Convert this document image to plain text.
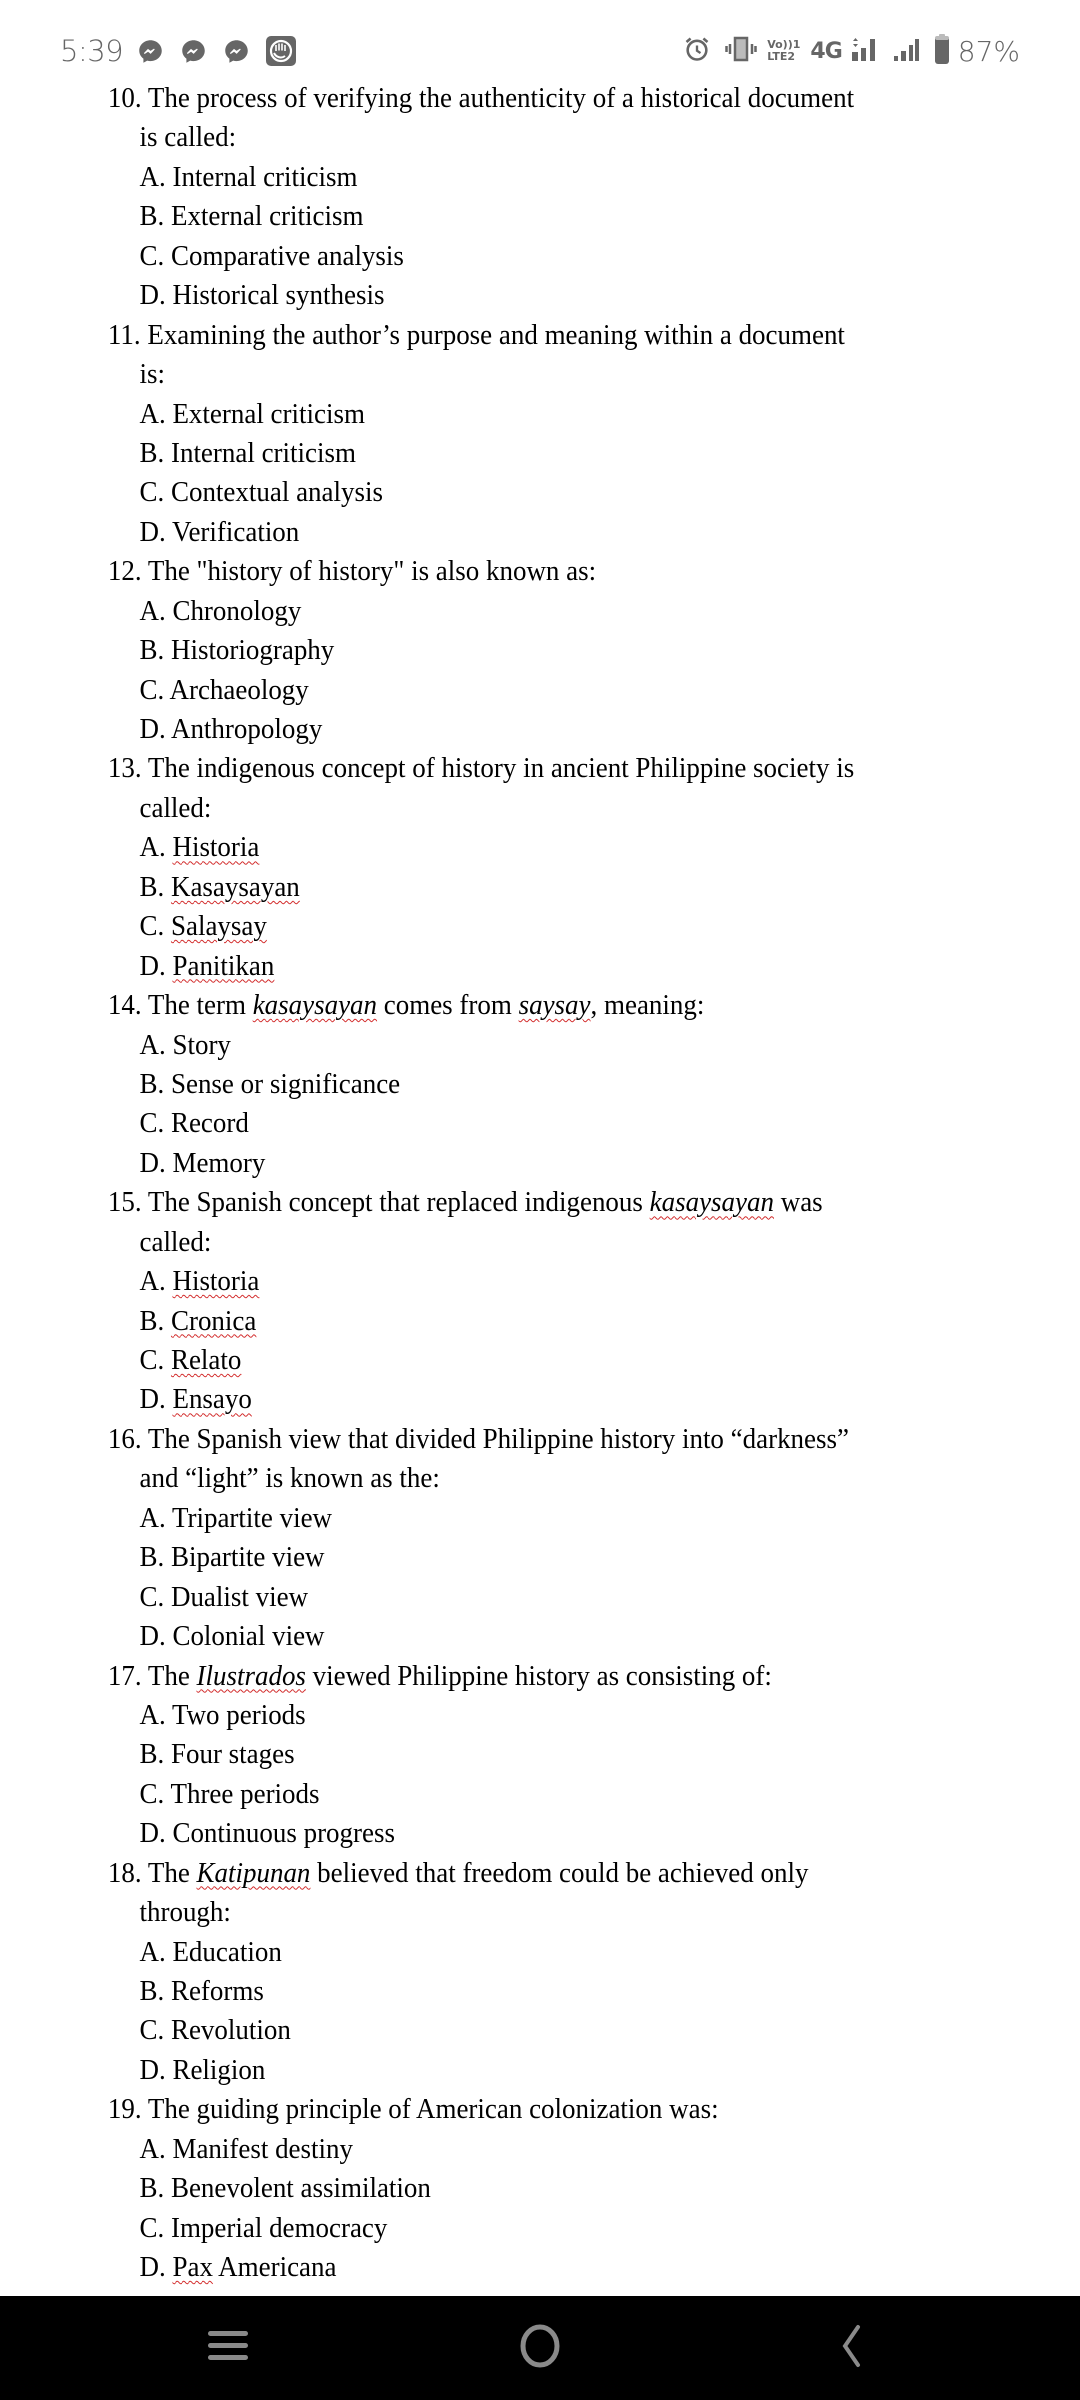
5:39	Vo))1
LTE2 4G	87%
10. The process of verifying the authenticity of a historical document
is called:
A. Internal criticism
B. External criticism
C. Comparative analysis
D. Historical synthesis
11. Examining the author’s purpose and meaning within a document
is:
A. External criticism
B. Internal criticism
C. Contextual analysis
D. Verification
12. The "history of history" is also known as:
A. Chronology
B. Historiography
C. Archaeology
D. Anthropology
13. The indigenous concept of history in ancient Philippine society is
called:
A. Historia
B. Kasaysayan
C. Salaysay
D. Panitikan
14. The term kasaysayan comes from saysay, meaning:
A. Story
B. Sense or significance
C. Record
D. Memory
15. The Spanish concept that replaced indigenous kasaysayan was
called:
A. Historia
B. Cronica
C. Relato
D. Ensayo
16. The Spanish view that divided Philippine history into “darkness”
and “light” is known as the:
A. Tripartite view
B. Bipartite view
C. Dualist view
D. Colonial view
17. The Ilustrados viewed Philippine history as consisting of:
A. Two periods
B. Four stages
C. Three periods
D. Continuous progress
18. The Katipunan believed that freedom could be achieved only
through:
A. Education
B. Reforms
C. Revolution
D. Religion
19. The guiding principle of American colonization was:
A. Manifest destiny
B. Benevolent assimilation
C. Imperial democracy
D. Pax Americana
